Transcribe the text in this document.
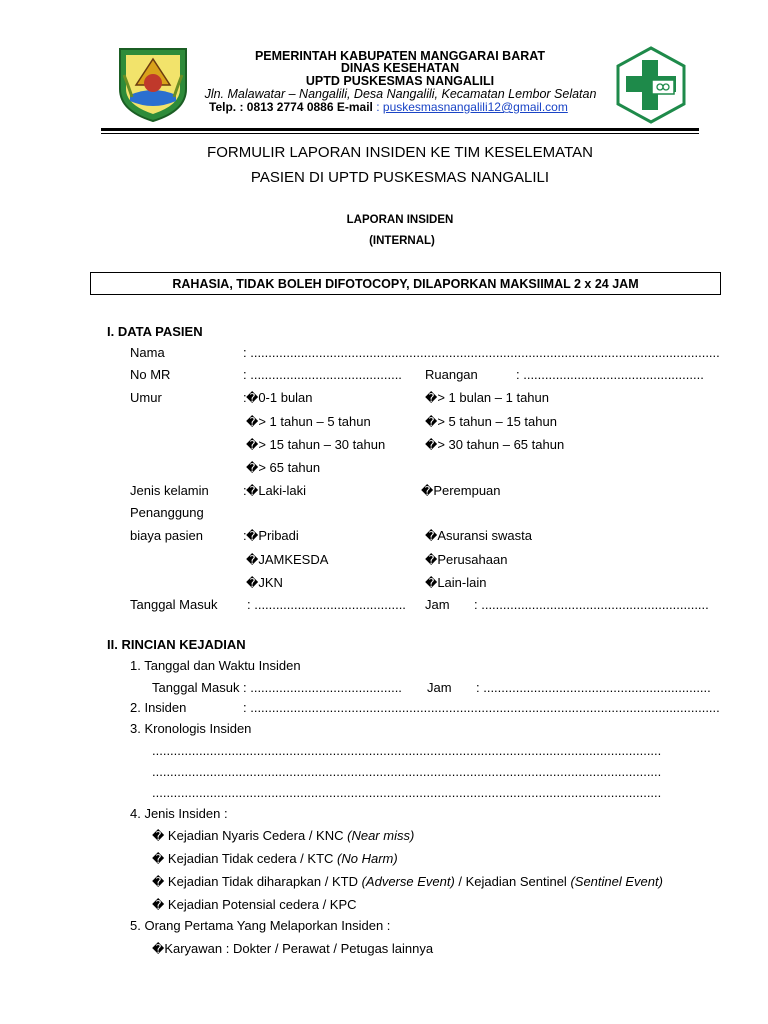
PEMERINTAH KABUPATEN MANGGARAI BARAT
DINAS KESEHATAN
UPTD PUSKESMAS NANGALILI
Jln. Malawatar – Nangalili, Desa Nangalili, Kecamatan Lembor Selatan
Telp. : 0813 2774 0886 E-mail : puskesmasnangalili12@gmail.com
FORMULIR LAPORAN INSIDEN KE TIM KESELEMATAN
PASIEN DI UPTD PUSKESMAS NANGALILI
LAPORAN INSIDEN
(INTERNAL)
RAHASIA, TIDAK BOLEH DIFOTOCOPY, DILAPORKAN MAKSIIMAL 2 x 24 JAM
I. DATA PASIEN
Nama	: ..................................................................................................................................
No MR	: .......................................... Ruangan	: ..................................................
Umur	: �0-1 bulan	�> 1 bulan – 1 tahun
�> 1 tahun – 5 tahun	�> 5 tahun – 15 tahun
�> 15 tahun – 30 tahun	�> 30 tahun – 65 tahun
�> 65 tahun
Jenis kelamin	: �Laki-laki	�Perempuan
Penanggung
biaya pasien	: �Pribadi	�Asuransi swasta
�JAMKESDA	�Perusahaan
�JKN	�Lain-lain
Tanggal Masuk : .......................................... Jam : ...............................................................
II. RINCIAN KEJADIAN
1. Tanggal dan Waktu Insiden
Tanggal Masuk : .......................................... Jam : ...............................................................
2. Insiden	: ..................................................................................................................................
3. Kronologis Insiden
.............................................................................................................................................
.............................................................................................................................................
.............................................................................................................................................
4. Jenis Insiden :
� Kejadian Nyaris Cedera / KNC (Near miss)
� Kejadian Tidak cedera / KTC (No Harm)
� Kejadian Tidak diharapkan / KTD (Adverse Event) / Kejadian Sentinel (Sentinel Event)
� Kejadian Potensial cedera / KPC
5. Orang Pertama Yang Melaporkan Insiden :
�Karyawan : Dokter / Perawat / Petugas lainnya
